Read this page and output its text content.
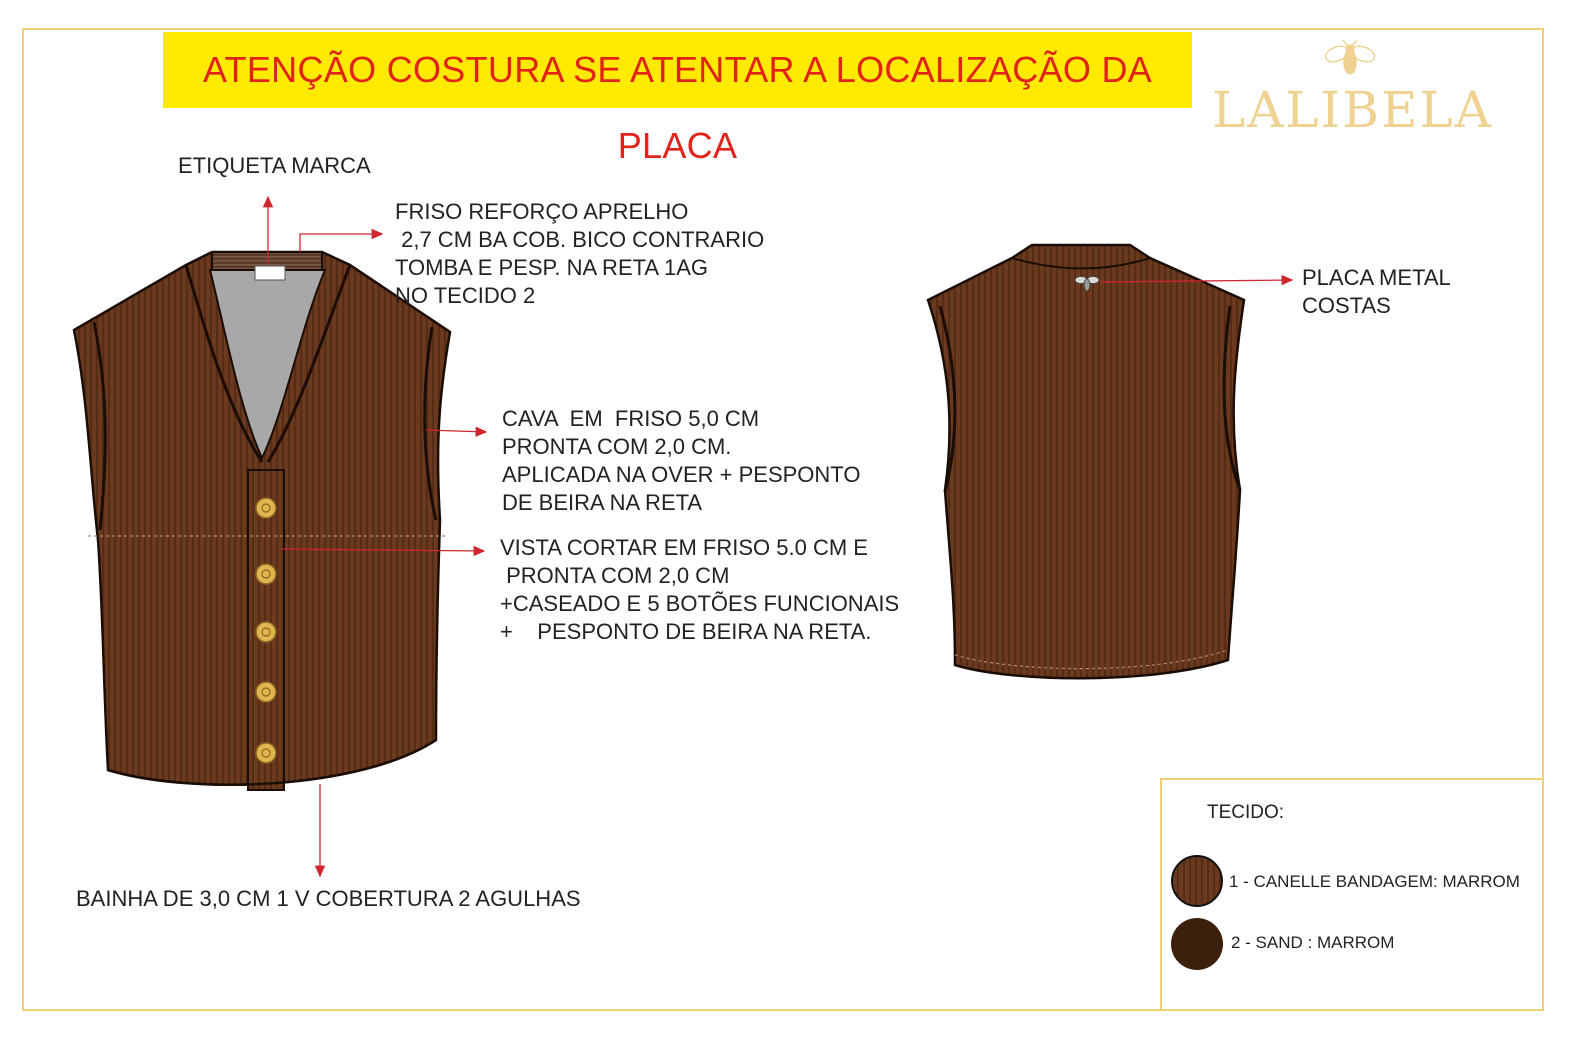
ATENÇÃO COSTURA SE ATENTAR A LOCALIZAÇÃO DA PLACA
LALIBELA
ETIQUETA MARCA
FRISO REFORÇO APRELHO
2,7 CM BA COB. BICO CONTRARIO
TOMBA E PESP. NA RETA 1AG
NO TECIDO 2
CAVA  EM  FRISO 5,0 CM
PRONTA COM 2,0 CM.
APLICADA NA OVER + PESPONTO
DE BEIRA NA RETA
VISTA CORTAR EM FRISO 5.0 CM E
PRONTA COM 2,0 CM
+CASEADO E 5 BOTÕES FUNCIONAIS
+    PESPONTO DE BEIRA NA RETA.
BAINHA DE 3,0 CM 1 V COBERTURA 2 AGULHAS
PLACA METAL
COSTAS
TECIDO:
1 - CANELLE BANDAGEM: MARROM
2 - SAND : MARROM
